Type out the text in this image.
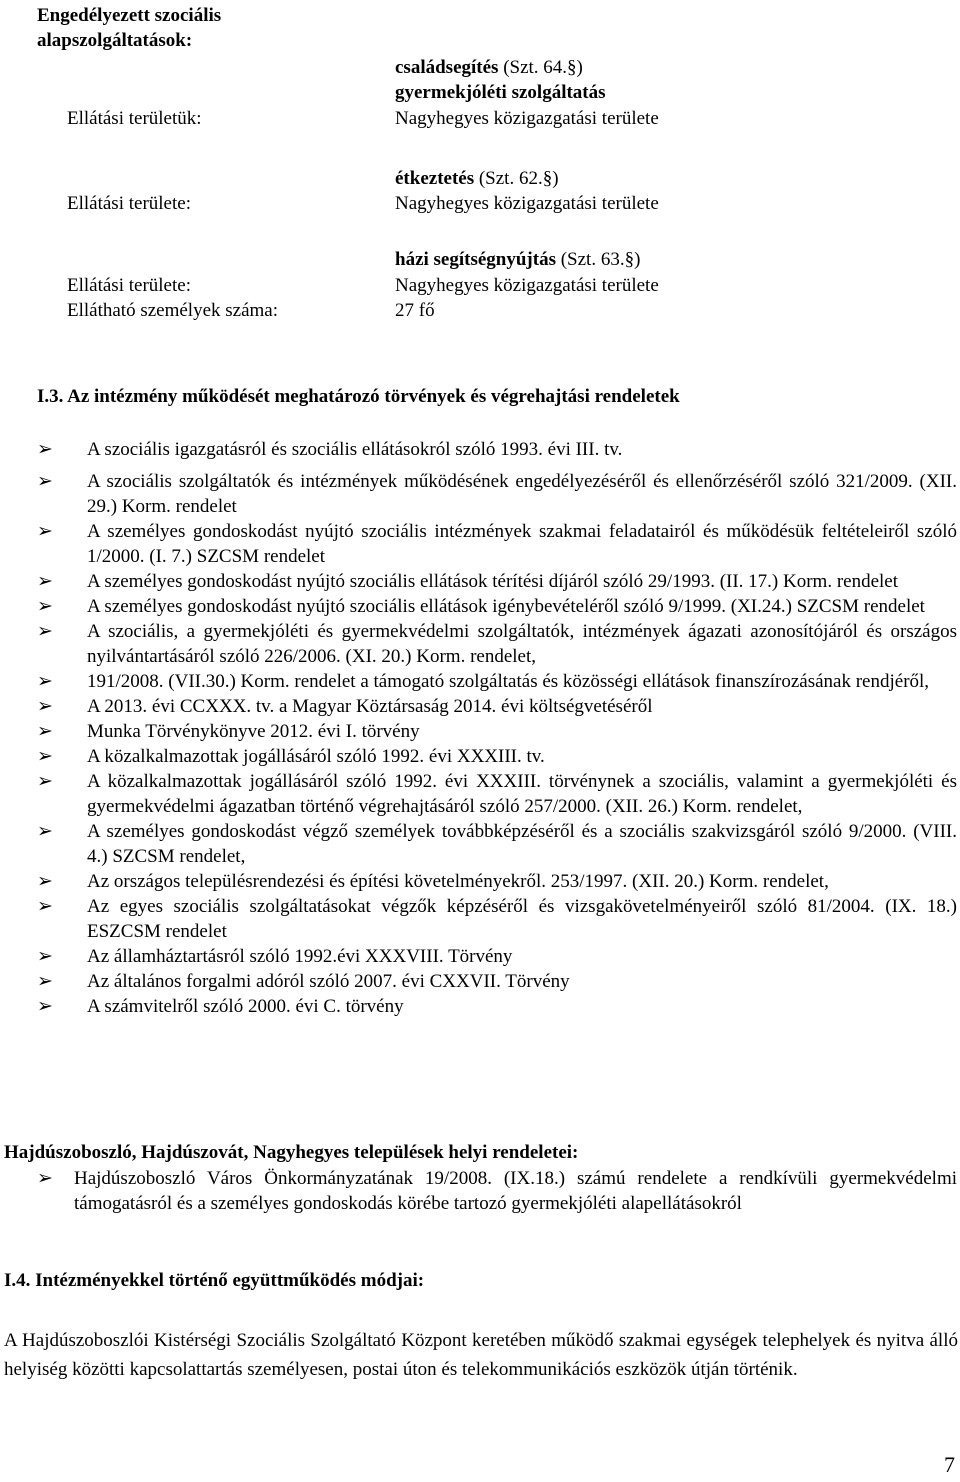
Engedélyezett szociális
alapszolgáltatások:
családsegítés (Szt. 64.§)
gyermekjóléti szolgáltatás
Ellátási területük:	Nagyhegyes közigazgatási területe
étkeztetés (Szt. 62.§)
Ellátási területe:	Nagyhegyes közigazgatási területe
házi segítségnyújtás (Szt. 63.§)
Ellátási területe:	Nagyhegyes közigazgatási területe
Ellátható személyek száma:	27 fő
I.3. Az intézmény működését meghatározó törvények és végrehajtási rendeletek
➢	A szociális igazgatásról és szociális ellátásokról szóló 1993. évi III. tv.
➢	A szociális szolgáltatók és intézmények működésének engedélyezéséről és ellenőrzéséről szóló 321/2009. (XII. 29.) Korm. rendelet
➢	A személyes gondoskodást nyújtó szociális intézmények szakmai feladatairól és működésük feltételeiről szóló 1/2000. (I. 7.) SZCSM rendelet
➢	A személyes gondoskodást nyújtó szociális ellátások térítési díjáról szóló 29/1993. (II. 17.) Korm. rendelet
➢	A személyes gondoskodást nyújtó szociális ellátások igénybevételéről szóló 9/1999. (XI.24.) SZCSM rendelet
➢	A szociális, a gyermekjóléti és gyermekvédelmi szolgáltatók, intézmények ágazati azonosítójáról és országos nyilvántartásáról szóló 226/2006. (XI. 20.) Korm. rendelet,
➢	191/2008. (VII.30.) Korm. rendelet a támogató szolgáltatás és közösségi ellátások finanszírozásának rendjéről,
➢	A 2013. évi CCXXX. tv. a Magyar Köztársaság 2014. évi költségvetéséről
➢	Munka Törvénykönyve 2012. évi I. törvény
➢	A közalkalmazottak jogállásáról szóló 1992. évi XXXIII. tv.
➢	A közalkalmazottak jogállásáról szóló 1992. évi XXXIII. törvénynek a szociális, valamint a gyermekjóléti és gyermekvédelmi ágazatban történő végrehajtásáról szóló 257/2000. (XII. 26.) Korm. rendelet,
➢	A személyes gondoskodást végző személyek továbbképzéséről és a szociális szakvizsgáról szóló 9/2000. (VIII. 4.) SZCSM rendelet,
➢	Az országos településrendezési és építési követelményekről. 253/1997. (XII. 20.) Korm. rendelet,
➢	Az egyes szociális szolgáltatásokat végzők képzéséről és vizsgakövetelményeiről szóló 81/2004. (IX. 18.) ESZCSM rendelet
➢	Az államháztartásról szóló 1992.évi XXXVIII. Törvény
➢	Az általános forgalmi adóról szóló 2007. évi CXXVII. Törvény
➢	A számvitelről szóló 2000. évi C. törvény
Hajdúszoboszló, Hajdúszovát, Nagyhegyes települések helyi rendeletei:
➢	Hajdúszoboszló Város Önkormányzatának 19/2008. (IX.18.) számú rendelete a rendkívüli gyermekvédelmi támogatásról és a személyes gondoskodás körébe tartozó gyermekjóléti alapellátásokról
I.4. Intézményekkel történő együttműködés módjai:
A Hajdúszoboszlói Kistérségi Szociális Szolgáltató Központ keretében működő szakmai egységek telephelyek és nyitva álló helyiség közötti kapcsolattartás személyesen, postai úton és telekommunikációs eszközök útján történik.
7
